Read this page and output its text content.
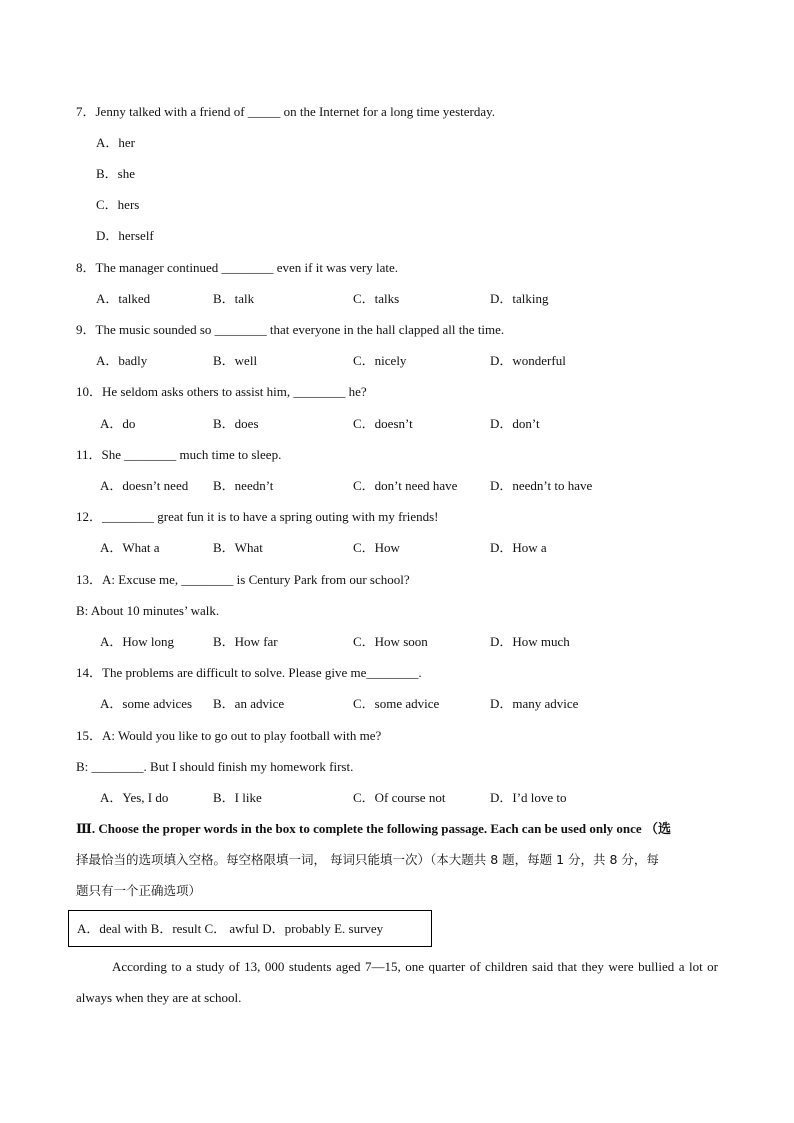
7．Jenny talked with a friend of _____ on the Internet for a long time yesterday.
A．her
B．she
C．hers
D．herself
8．The manager continued ________ even if it was very late.
A．talked	B．talk	C．talks	D．talking
9．The music sounded so ________ that everyone in the hall clapped all the time.
A．badly	B．well	C．nicely	D．wonderful
10．He seldom asks others to assist him, ________ he?
A．do	B．does	C．doesn’t	D．don’t
11．She ________ much time to sleep.
A．doesn’t need B．needn’t	C．don’t need have	D．needn’t to have
12．________ great fun it is to have a spring outing with my friends!
A．What a	B．What	C．How	D．How a
13．A: Excuse me, ________ is Century Park from our school?
B: About 10 minutes’ walk.
A．How long	B．How far	C．How soon	D．How much
14．The problems are difficult to solve. Please give me________.
A．some advices B．an advice	C．some advice	D．many advice
15．A: Would you like to go out to play football with me?
B: ________. But I should finish my homework first.
A．Yes, I do	B．I like	C．Of course not	D．I’d love to
Ⅲ. Choose the proper words in the box to complete the following passage. Each can be used only once （选
择最恰当的选项填入空格。每空格限填一词， 每词只能填一次）（本大题共 8 题，每题 1 分，共 8 分，每
题只有一个正确选项）
A．deal with B．result C． awful D．probably E. survey
According to a study of 13, 000 students aged 7—15, one quarter of children said that they were bullied a lot or always when they are at school.
